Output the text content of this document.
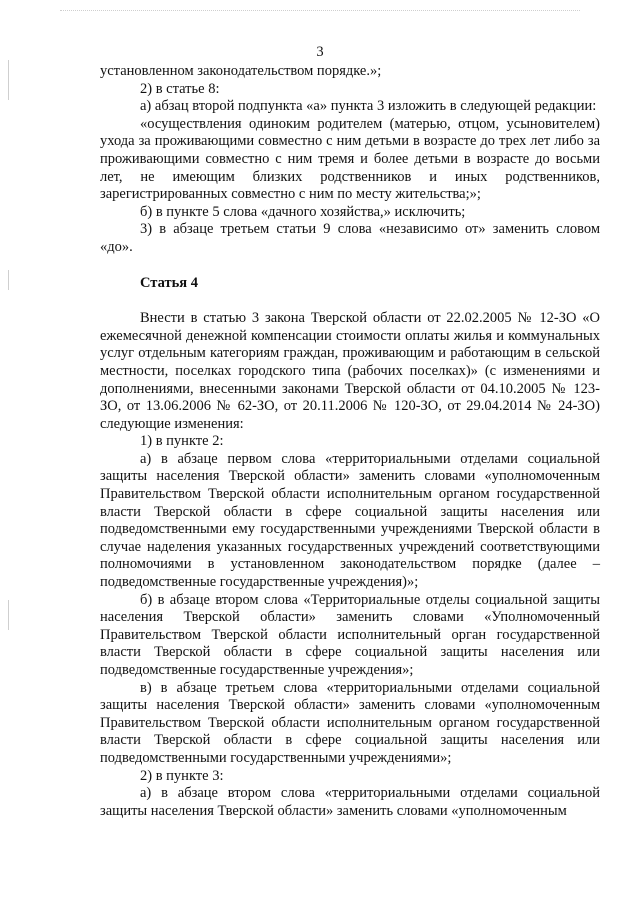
3

установленном законодательством порядке.»;

2) в статье 8:

а) абзац второй подпункта «а» пункта 3 изложить в следующей редакции:

«осуществления одиноким родителем (матерью, отцом, усыновителем) ухода за проживающими совместно с ним детьми в возрасте до трех лет либо за проживающими совместно с ним тремя и более детьми в возрасте до восьми лет, не имеющим близких родственников и иных родственников, зарегистрированных совместно с ним по месту жительства;»;

б) в пункте 5 слова «дачного хозяйства,» исключить;

3) в абзаце третьем статьи 9 слова «независимо от» заменить словом «до».

Статья 4

Внести в статью 3 закона Тверской области от 22.02.2005 № 12-ЗО «О ежемесячной денежной компенсации стоимости оплаты жилья и коммунальных услуг отдельным категориям граждан, проживающим и работающим в сельской местности, поселках городского типа (рабочих поселках)» (с изменениями и дополнениями, внесенными законами Тверской области от 04.10.2005 № 123-ЗО, от 13.06.2006 № 62-ЗО, от 20.11.2006 № 120-ЗО, от 29.04.2014 № 24-ЗО) следующие изменения:

1) в пункте 2:

а) в абзаце первом слова «территориальными отделами социальной защиты населения Тверской области» заменить словами «уполномоченным Правительством Тверской области исполнительным органом государственной власти Тверской области в сфере социальной защиты населения или подведомственными ему государственными учреждениями Тверской области в случае наделения указанных государственных учреждений соответствующими полномочиями в установленном законодательством порядке (далее – подведомственные государственные учреждения)»;

б) в абзаце втором слова «Территориальные отделы социальной защиты населения Тверской области» заменить словами «Уполномоченный Правительством Тверской области исполнительный орган государственной власти Тверской области в сфере социальной защиты населения или подведомственные государственные учреждения»;

в) в абзаце третьем слова «территориальными отделами социальной защиты населения Тверской области» заменить словами «уполномоченным Правительством Тверской области исполнительным органом государственной власти Тверской области в сфере социальной защиты населения или подведомственными государственными учреждениями»;

2) в пункте 3:

а) в абзаце втором слова «территориальными отделами социальной защиты населения Тверской области» заменить словами «уполномоченным
